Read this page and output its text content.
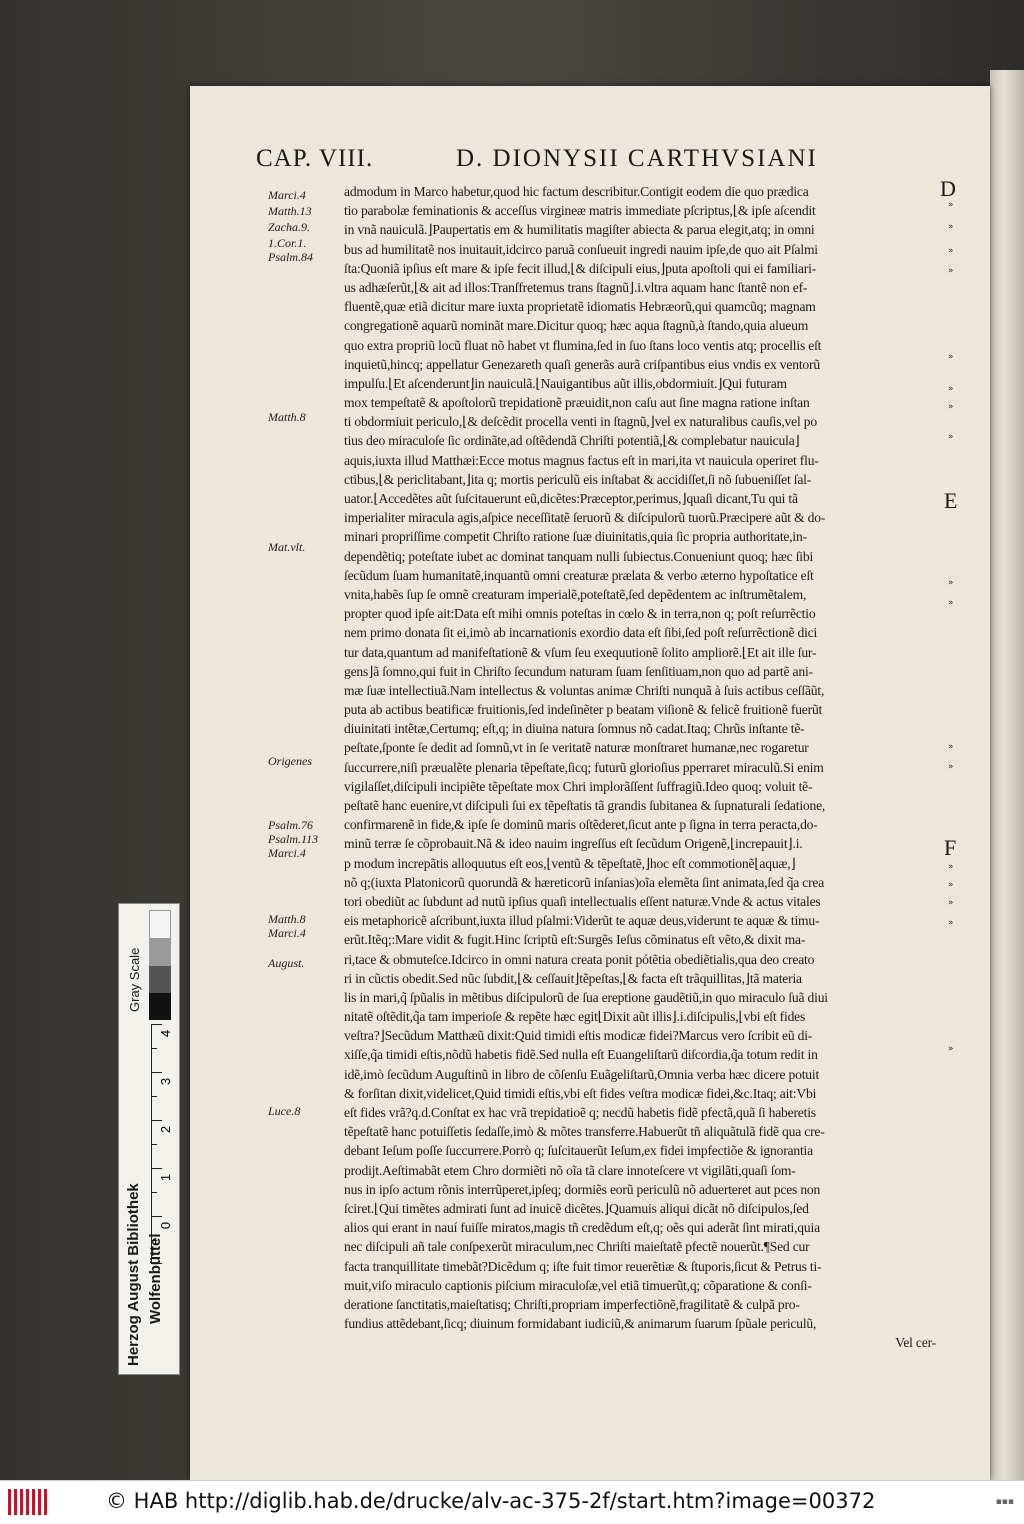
CAP. VIII.	D. DIONYSII CARTHVSIANI
D
E
F
Marci.4
Matth.13
Zacha.9.
1.Cor.1.
Psalm.84
Matth.8
Mat.vlt.
Origenes
Psalm.76
Psalm.113
Marci.4
Matth.8
Marci.4
August.
Luce.8
»
»
»
»
»
»
»
»
»
»
»
»
»
»
»
»
»
admodum in Marco habetur,quod hic factum describitur.Contigit eodem die quo prædica
tio parabolæ feminationis & acceſſus virgineæ matris immediate pſcriptus,⌊& ipſe aſcendit
in vnã nauiculã.⌋Paupertatis em & humilitatis magiſter abiecta & parua elegit,atq; in omni
bus ad humilitatẽ nos inuitauit,idcirco paruã conſueuit ingredi nauim ipſe,de quo ait Pſalmi
ſta:Quoniã ipſius eſt mare & ipſe fecit illud,⌊& diſcipuli eius,⌋puta apoſtoli qui ei familiari-
us adhæſerũt,⌊& ait ad illos:Tranſfretemus trans ſtagnũ⌋.i.vltra aquam hanc ſtantẽ non ef-
fluentẽ,quæ etiã dicitur mare iuxta proprietatẽ idiomatis Hebræorũ,qui quamcũq; magnam
congregationẽ aquarũ nominãt mare.Dicitur quoq; hæc aqua ſtagnũ,à ſtando,quia alueum
quo extra propriũ locũ fluat nõ habet vt flumina,ſed in ſuo ſtans loco ventis atq; procellis eſt
inquietũ,hincq; appellatur Genezareth quaſi generãs aurã criſpantibus eius vndis ex ventorũ
impulſu.⌊Et aſcenderunt⌋in nauiculã.⌊Nauigantibus aũt illis,obdormiuit.⌋Qui futuram
mox tempeſtatẽ & apoſtolorũ trepidationẽ præuidit,non caſu aut ſine magna ratione inſtan
ti obdormiuit periculo,⌊& deſcẽdit procella venti in ſtagnũ,⌋vel ex naturalibus cauſis,vel po
tius deo miraculoſe ſic ordinãte,ad oſtẽdendã Chriſti potentiã,⌊& complebatur nauicula⌋
aquis,iuxta illud Matthæi:Ecce motus magnus factus eſt in mari,ita vt nauicula operiret flu-
ctibus,⌊& periclitabant,⌋ita q; mortis periculũ eis inſtabat & accidiſſet,ſi nõ ſubueniſſet ſal-
uator.⌊Accedẽtes aũt ſuſcitauerunt eũ,dicẽtes:Præceptor,perimus,⌋quaſi dicant,Tu qui tã
imperialiter miracula agis,aſpice neceſſitatẽ ſeruorũ & diſcipulorũ tuorũ.Præcipere aũt & do-
minari propriſſime competit Chriſto ratione ſuæ diuinitatis,quia ſic propria authoritate,in-
dependẽtiq; poteſtate iubet ac dominat tanquam nulli ſubiectus.Conueniunt quoq; hæc ſibi
ſecũdum ſuam humanitatẽ,inquantũ omni creaturæ prælata & verbo æterno hypoſtatice eſt
vnita,habẽs ſup ſe omnẽ creaturam imperialẽ,poteſtatẽ,ſed depẽdentem ac inſtrumẽtalem,
propter quod ipſe ait:Data eſt mihi omnis poteſtas in cœlo & in terra,non q; poſt reſurrẽctio
nem primo donata ſit ei,imò ab incarnationis exordio data eſt ſibi,ſed poſt reſurrẽctionẽ dici
tur data,quantum ad manifeſtationẽ & vſum ſeu exequutionẽ ſolito ampliorẽ.⌊Et ait ille ſur-
gens⌋ã ſomno,qui fuit in Chriſto ſecundum naturam ſuam ſenſitiuam,non quo ad partẽ ani-
mæ ſuæ intellectiuã.Nam intellectus & voluntas animæ Chriſti nunquã à ſuis actibus ceſſãũt,
puta ab actibus beatificæ fruitionis,ſed indeſinẽter p beatam viſionẽ & felicẽ fruitionẽ fuerũt
diuinitati intẽtæ,Certumq; eſt,q; in diuina natura ſomnus nõ cadat.Itaq; Chrũs inſtante tẽ-
peſtate,ſponte ſe dedit ad ſomnũ,vt in ſe veritatẽ naturæ monſtraret humanæ,nec rogaretur
ſuccurrere,niſi præualẽte plenaria tẽpeſtate,ſicq; futurũ glorioſius pperraret miraculũ.Si enim
vigilaſſet,diſcipuli incipiẽte tẽpeſtate mox Chri implorãſſent ſuffragiũ.Ideo quoq; voluit tẽ-
peſtatẽ hanc euenire,vt diſcipuli ſui ex tẽpeſtatis tã grandis ſubitanea & ſupnaturali ſedatione,
confirmarenẽ in fide,& ipſe ſe dominũ maris oſtẽderet,ſicut ante p ſigna in terra peracta,do-
minũ terræ ſe cõprobauit.Nã & ideo nauim ingreſſus eſt ſecũdum Origenẽ,⌊increpauit⌋.i.
p modum increpãtis alloquutus eſt eos,⌊ventũ & tẽpeſtatẽ,⌋hoc eſt commotionẽ⌊aquæ,⌋
nõ q;(iuxta Platonicorũ quorundã & hæreticorũ inſanias)oĩa elemẽta ſint animata,ſed q̃a crea
tori obediũt ac ſubdunt ad nutũ ipſius quaſi intellectualis eſſent naturæ.Vnde & actus vitales
eis metaphoricẽ aſcribunt,iuxta illud pſalmi:Viderũt te aquæ deus,viderunt te aquæ & timu-
erũt.Itẽq;:Mare vidit & fugit.Hinc ſcriptũ eſt:Surgẽs Ieſus cõminatus eſt vẽto,& dixit ma-
ri,tace & obmuteſce.Idcirco in omni natura creata ponit pótẽtia obediẽtialis,qua deo creato
ri in cũctis obedit.Sed nũc ſubdit,⌊& ceſſauit⌋tẽpeſtas,⌊& facta eſt trãquillitas,⌋tã materia
lis in mari,q̃ ſpũalis in mẽtibus diſcipulorũ de ſua ereptione gaudẽtiũ,in quo miraculo ſuã diui
nitatẽ oſtẽdit,q̃a tam imperioſe & repẽte hæc egit⌊Dixit aũt illis⌋.i.diſcipulis,⌊vbi eſt fides
veſtra?⌋Secũdum Matthæũ dixit:Quid timidi eſtis modicæ fidei?Marcus vero ſcribit eũ di-
xiſſe,q̃a timidi eſtis,nõdũ habetis fidẽ.Sed nulla eſt Euangeliſtarũ diſcordia,q̃a totum redit in
idẽ,imò ſecũdum Auguſtinũ in libro de cõſenſu Euãgeliſtarũ,Omnia verba hæc dicere potuit
& forſitan dixit,videlicet,Quid timidi eſtis,vbi eſt fides veſtra modicæ fidei,&c.Itaq; ait:Vbi
eſt fides vrã?q.d.Conſtat ex hac vrã trepidatioẽ q; necdũ habetis fidẽ pfectã,quã ſi haberetis
tẽpeſtatẽ hanc potuiſſetis ſedaſſe,imò & mõtes transferre.Habuerũt tñ aliquãtulã fidẽ qua cre-
debant Ieſum poſſe ſuccurrere.Porrò q; ſuſcitauerũt Ieſum,ex fidei impfectiõe & ignorantia
prodijt.Aeſtimabãt etem Chro dormiẽti nõ oĩa tã clare innoteſcere vt vigilãti,quaſi ſom-
nus in ipſo actum rõnis interrũperet,ipſeq; dormiẽs eorũ periculũ nõ aduerteret aut pces non
ſciret.⌊Qui timẽtes admirati ſunt ad inuicẽ dicẽtes.⌋Quamuis aliqui dicãt nõ diſcipulos,ſed
alios qui erant in nauí fuiſſe miratos,magis tñ credẽdum eſt,q; oẽs qui aderãt ſint mirati,quia
nec diſcipuli añ tale conſpexerũt miraculum,nec Chriſti maieſtatẽ pfectẽ nouerũt.¶Sed cur
facta tranquillitate timebãt?Dicẽdum q; iſte fuit timor reuerẽtiæ & ſtuporis,ſicut & Petrus ti-
muit,viſo miraculo captionis piſcium miraculoſæ,vel etiã timuerũt,q; cõparatione & conſi-
deratione ſanctitatis,maieſtatisq; Chriſti,propriam imperfectiõnẽ,fragilitatẽ & culpã pro-
fundius attẽdebant,ſicq; diuinum formidabant iudiciũ,& animarum ſuarum ſpũale periculũ,
Vel cer-
Gray Scale
4
3
2
1
0
Herzog August Bibliothek Wolfenbüttel
© HAB http://diglib.hab.de/drucke/alv-ac-375-2f/start.htm?image=00372	▪▪▪
